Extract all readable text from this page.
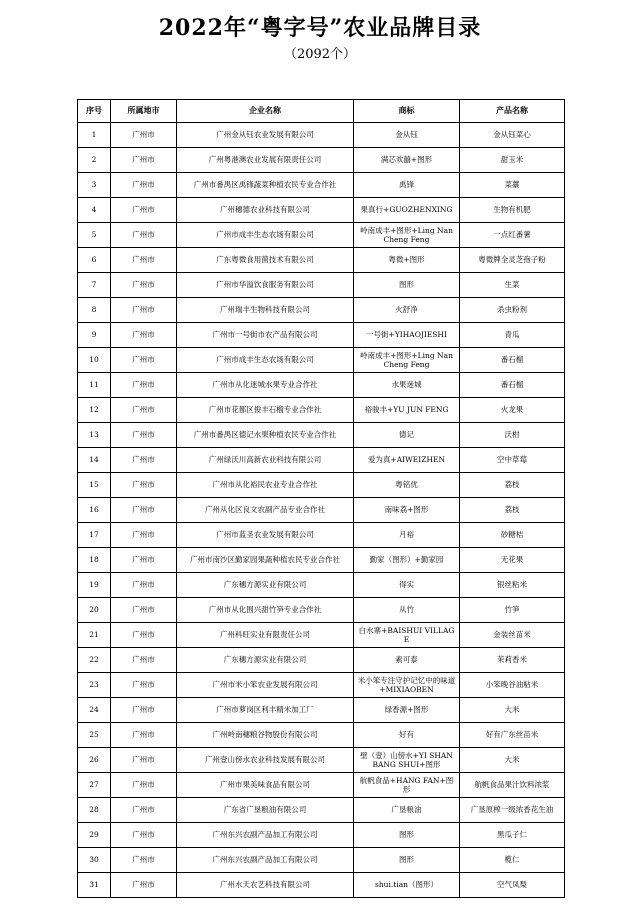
2022年“粤字号”农业品牌目录
（2092个）
序号	所属地市	企业名称	商标	产品名称
1	广州市	广州金从钰农业发展有限公司	金从钰	金从钰菜心
2	广州市	广州粤港澳农业发展有限责任公司	满芯欢囍+图形	甜玉米
3	广州市	广州市番禺区禹锋蔬菜种植农民专业合作社	禹锋	菜薹
4	广州市	广州穗德农业科技有限公司	果真行+GUOZHENXING	生物有机肥
5	广州市	广州市成丰生态农场有限公司	岭南成丰+图形+Ling Nan Cheng Feng	一点红番薯
6	广州市	广东粤微食用菌技术有限公司	粤微+图形	粤微牌全灵芝孢子粉
7	广州市	广州市华溢饮食服务有限公司	图形	生菜
8	广州市	广州瑞丰生物科技有限公司	火舒净	杀虫粉剂
9	广州市	广州市一号街市农产品有限公司	一号街+YIHAOJIESHI	青瓜
10	广州市	广州市成丰生态农场有限公司	岭南成丰+图形+Ling Nan Cheng Feng	番石榴
11	广州市	广州市从化迷城水果专业合作社	水果迷城	番石榴
12	广州市	广州市花都区俊丰石榴专业合作社	裕骏丰+YU JUN FENG	火龙果
13	广州市	广州市番禺区德记水果种植农民专业合作社	德记	沃柑
14	广州市	广州绿沃川高新农业科技有限公司	爱为真+AIWEIZHEN	空中草莓
15	广州市	广州市从化裕民农业专业合作社	粤铭优	荔枝
16	广州市	广州从化区良文农副产品专业合作社	南味荔+图形	荔枝
17	广州市	广州市蓝圣农业发展有限公司	月裕	砂糖桔
18	广州市	广州市南沙区勤家园果蔬种植农民专业合作社	勤家（图形）+勤家园	无花果
19	广州市	广东穗方源实业有限公司	得实	银丝粘米
20	广州市	广州市从化围兴甜竹笋专业合作社	从竹	竹笋
21	广州市	广州科旺实业有限责任公司	白水寨+BAISHUI VILLAGE	金装丝苗米
22	广州市	广东穗方源实业有限公司	素可泰	茉莉香米
23	广州市	广州市米小笨农业发展有限公司	米小笨专注守护记忆中的味道+MIXIAOBEN	小笨晚谷油粘米
24	广州市	广州市萝岗区利丰精米加工厂	绿香源+图形	大米
25	广州市	广州岭南穗粮谷物股份有限公司	好有	好有广东丝苗米
26	广州市	广州壹山傍水农业科技发展有限公司	壁（壹）山傍水+YI SHAN BANG SHUI+图形	大米
27	广州市	广州市果美味食品有限公司	航帆食品+HANG FAN+图形	航帆食品果汁饮料浓浆
28	广州市	广东省广垦粮油有限公司	广垦粮油	广垦原榨一级浓香花生油
29	广州市	广州东兴农副产品加工有限公司	图形	黑瓜子仁
30	广州市	广州东兴农副产品加工有限公司	图形	榄仁
31	广州市	广州水天农艺科技有限公司	shui.tian（图形）	空气凤梨
